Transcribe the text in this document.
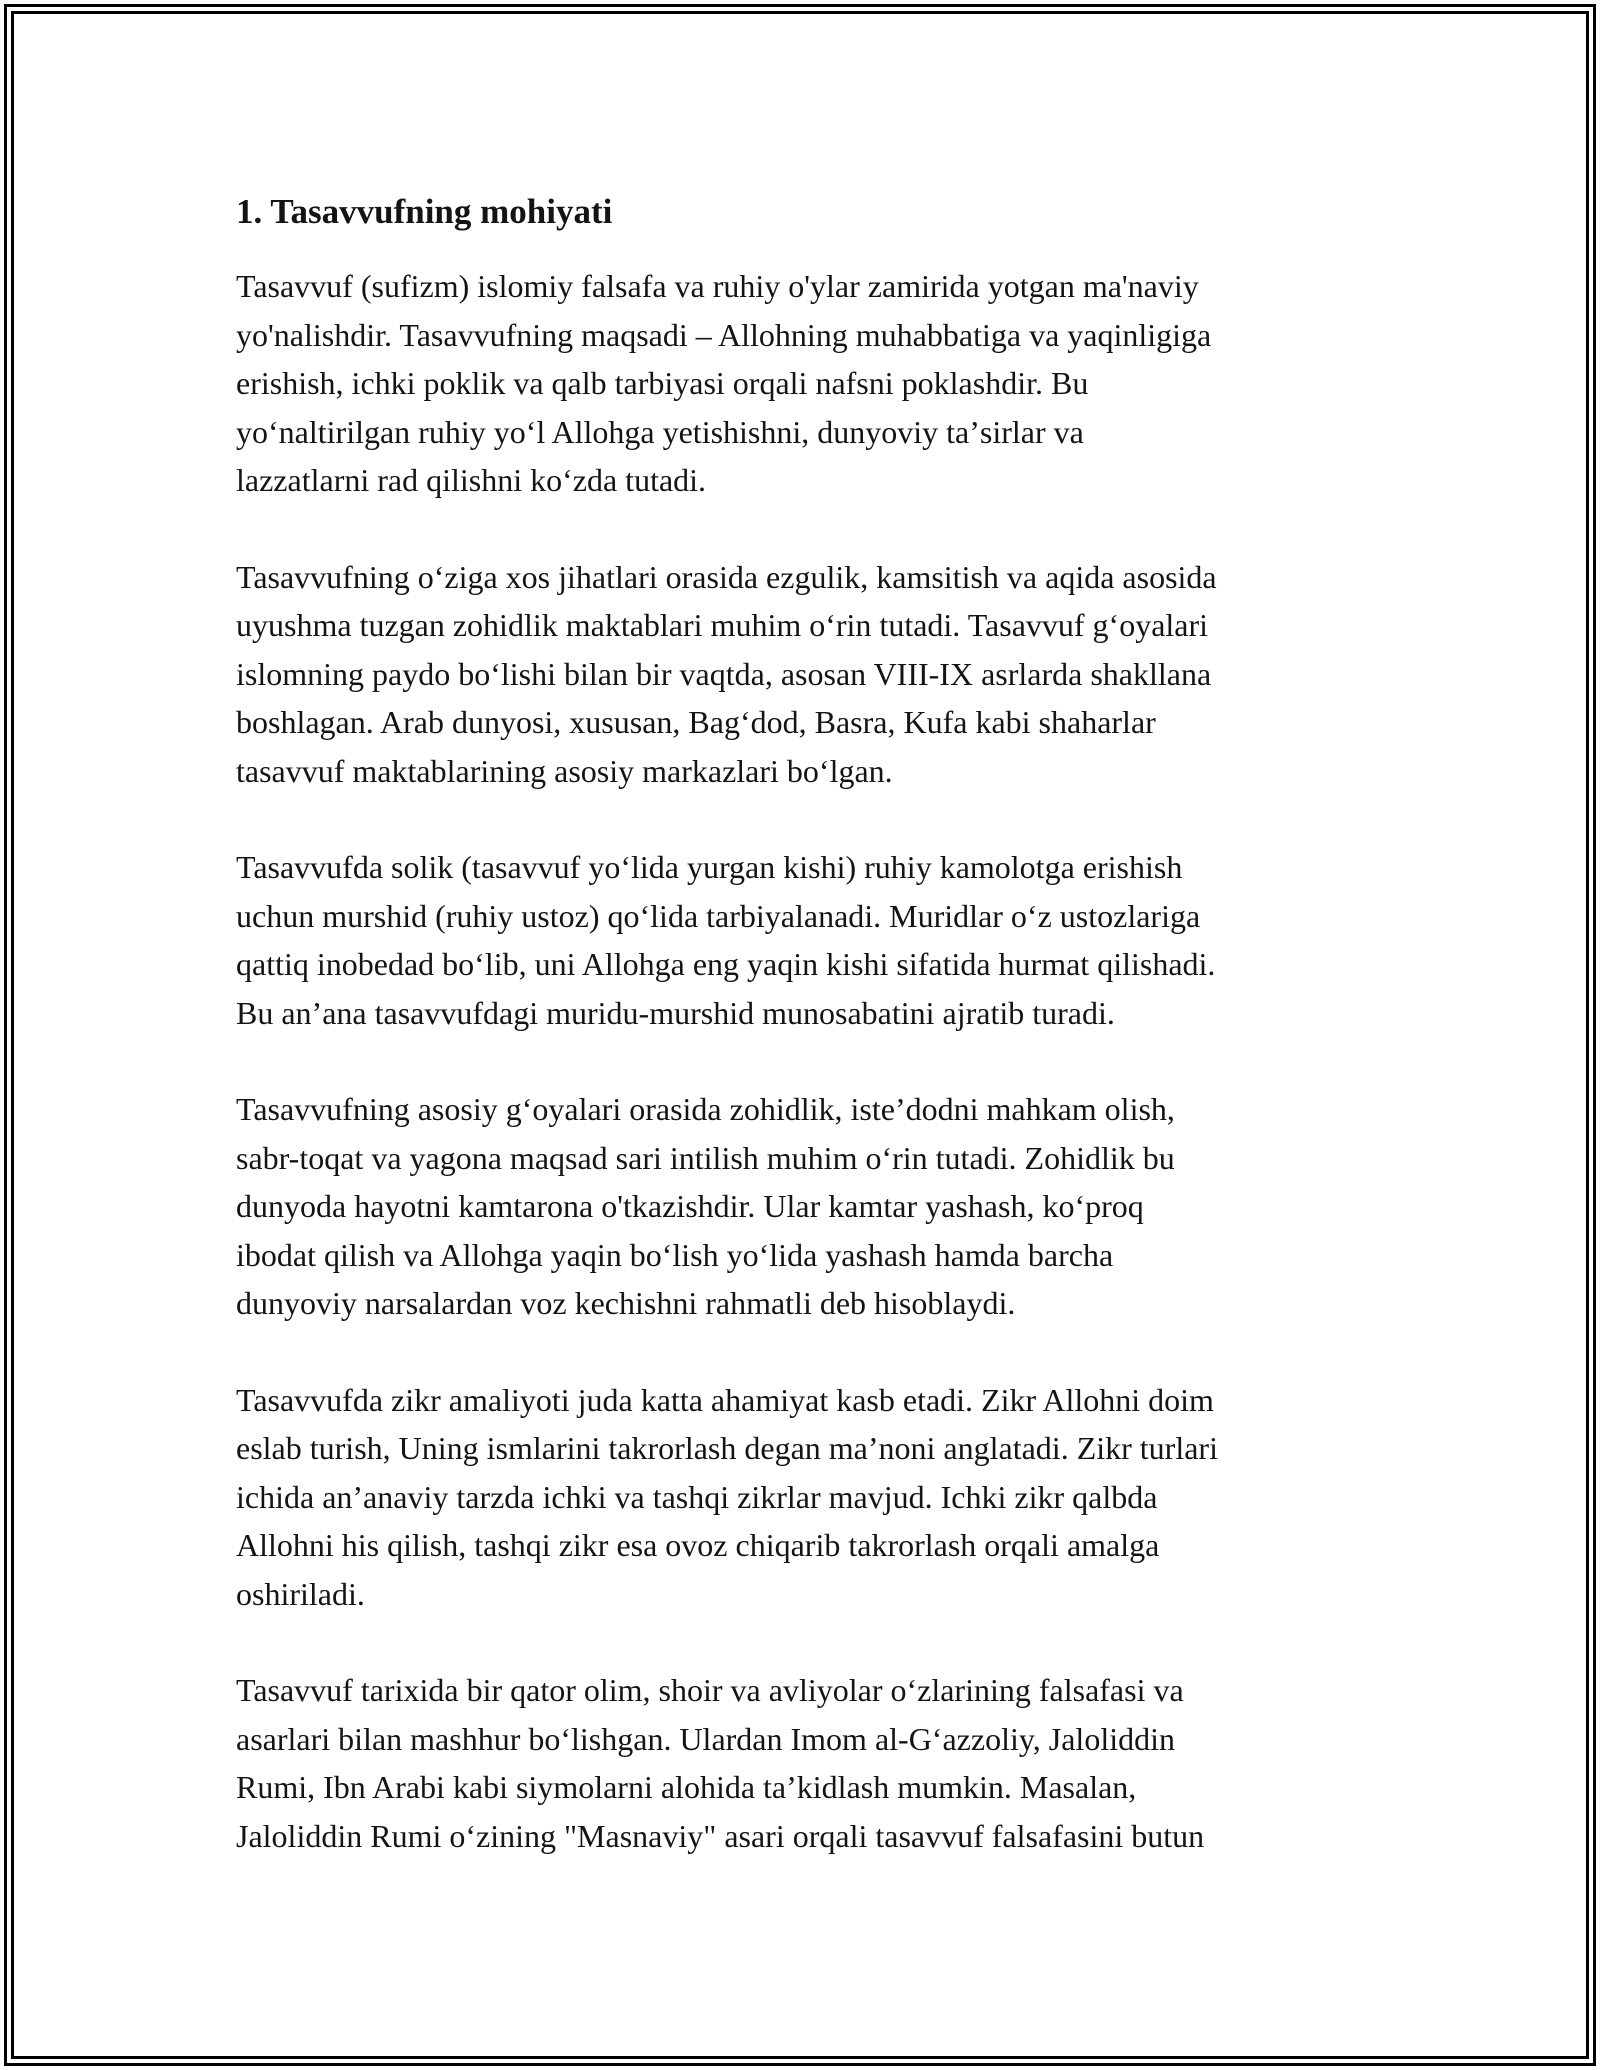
1. Tasavvufning mohiyati

Tasavvuf (sufizm) islomiy falsafa va ruhiy o'ylar zamirida yotgan ma'naviy
yo'nalishdir. Tasavvufning maqsadi – Allohning muhabbatiga va yaqinligiga
erishish, ichki poklik va qalb tarbiyasi orqali nafsni poklashdir. Bu
yoʻnaltirilgan ruhiy yoʻl Allohga yetishishni, dunyoviy taʼsirlar va
lazzatlarni rad qilishni koʻzda tutadi.

Tasavvufning oʻziga xos jihatlari orasida ezgulik, kamsitish va aqida asosida
uyushma tuzgan zohidlik maktablari muhim oʻrin tutadi. Tasavvuf gʻoyalari
islomning paydo boʻlishi bilan bir vaqtda, asosan VIII-IX asrlarda shakllana
boshlagan. Arab dunyosi, xususan, Bagʻdod, Basra, Kufa kabi shaharlar
tasavvuf maktablarining asosiy markazlari boʻlgan.

Tasavvufda solik (tasavvuf yoʻlida yurgan kishi) ruhiy kamolotga erishish
uchun murshid (ruhiy ustoz) qoʻlida tarbiyalanadi. Muridlar oʻz ustozlariga
qattiq inobedad boʻlib, uni Allohga eng yaqin kishi sifatida hurmat qilishadi.
Bu anʼana tasavvufdagi muridu-murshid munosabatini ajratib turadi.

Tasavvufning asosiy gʻoyalari orasida zohidlik, isteʼdodni mahkam olish,
sabr-toqat va yagona maqsad sari intilish muhim oʻrin tutadi. Zohidlik bu
dunyoda hayotni kamtarona o'tkazishdir. Ular kamtar yashash, koʻproq
ibodat qilish va Allohga yaqin boʻlish yoʻlida yashash hamda barcha
dunyoviy narsalardan voz kechishni rahmatli deb hisoblaydi.

Tasavvufda zikr amaliyoti juda katta ahamiyat kasb etadi. Zikr Allohni doim
eslab turish, Uning ismlarini takrorlash degan maʼnoni anglatadi. Zikr turlari
ichida anʼanaviy tarzda ichki va tashqi zikrlar mavjud. Ichki zikr qalbda
Allohni his qilish, tashqi zikr esa ovoz chiqarib takrorlash orqali amalga
oshiriladi.

Tasavvuf tarixida bir qator olim, shoir va avliyolar oʻzlarining falsafasi va
asarlari bilan mashhur boʻlishgan. Ulardan Imom al-Gʻazzoliy, Jaloliddin
Rumi, Ibn Arabi kabi siymolarni alohida taʼkidlash mumkin. Masalan,
Jaloliddin Rumi oʻzining "Masnaviy" asari orqali tasavvuf falsafasini butun
